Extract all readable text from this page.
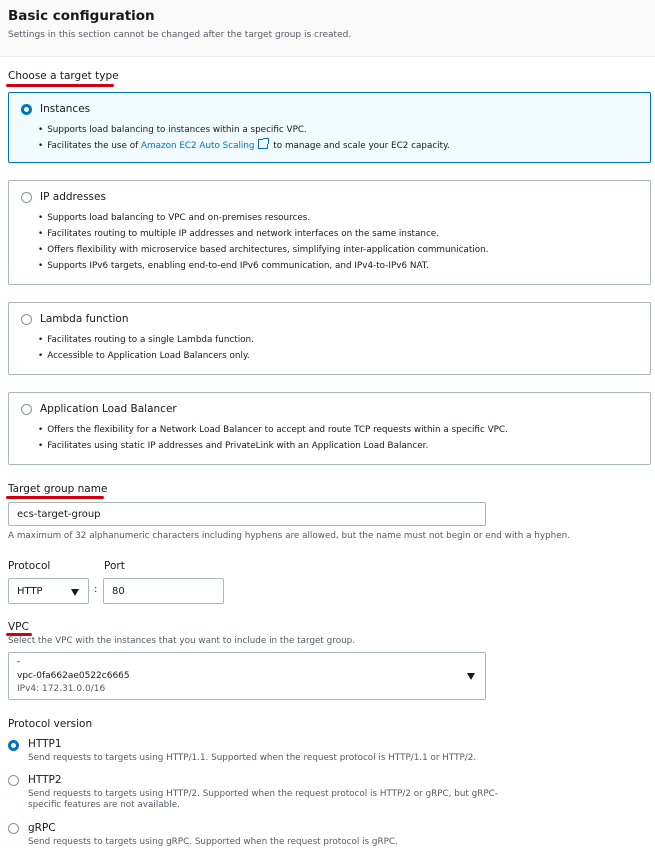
Basic configuration
Settings in this section cannot be changed after the target group is created.
Choose a target type
Instances
• Supports load balancing to instances within a specific VPC.
• Facilitates the use of Amazon EC2 Auto Scaling to manage and scale your EC2 capacity.
IP addresses
• Supports load balancing to VPC and on-premises resources.
• Facilitates routing to multiple IP addresses and network interfaces on the same instance.
• Offers flexibility with microservice based architectures, simplifying inter-application communication.
• Supports IPv6 targets, enabling end-to-end IPv6 communication, and IPv4-to-IPv6 NAT.
Lambda function
• Facilitates routing to a single Lambda function.
• Accessible to Application Load Balancers only.
Application Load Balancer
• Offers the flexibility for a Network Load Balancer to accept and route TCP requests within a specific VPC.
• Facilitates using static IP addresses and PrivateLink with an Application Load Balancer.
Target group name
ecs-target-group
A maximum of 32 alphanumeric characters including hyphens are allowed, but the name must not begin or end with a hyphen.
Protocol	Port
HTTP	:
80
VPC
Select the VPC with the instances that you want to include in the target group.
-
vpc-0fa662ae0522c6665
IPv4: 172.31.0.0/16
Protocol version
HTTP1
Send requests to targets using HTTP/1.1. Supported when the request protocol is HTTP/1.1 or HTTP/2.
HTTP2
Send requests to targets using HTTP/2. Supported when the request protocol is HTTP/2 or gRPC, but gRPC-specific features are not available.
gRPC
Send requests to targets using gRPC. Supported when the request protocol is gRPC.
